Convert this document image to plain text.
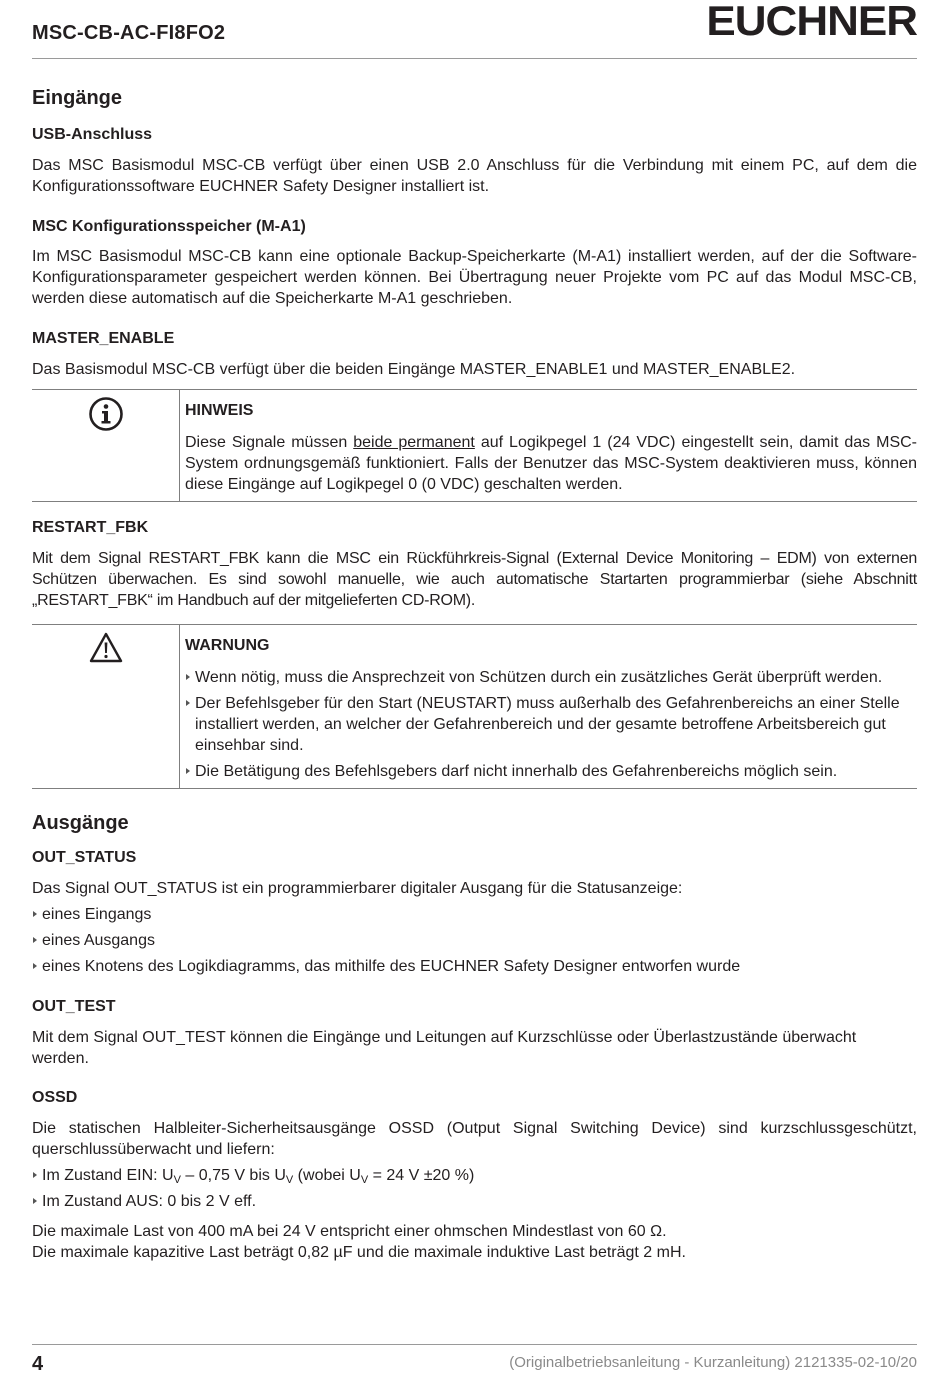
MSC-CB-AC-FI8FO2	EUCHNER
Eingänge
USB-Anschluss

Das MSC Basismodul MSC-CB verfügt über einen USB 2.0 Anschluss für die Verbindung mit einem PC, auf dem die Konfigurationssoftware EUCHNER Safety Designer installiert ist.

MSC Konfigurationsspeicher (M-A1)

Im MSC Basismodul MSC-CB kann eine optionale Backup-Speicherkarte (M-A1) installiert werden, auf der die Software-Konfigurationsparameter gespeichert werden können. Bei Übertragung neuer Projekte vom PC auf das Modul MSC-CB, werden diese automatisch auf die Speicherkarte M-A1 geschrieben.

MASTER_ENABLE

Das Basismodul MSC-CB verfügt über die beiden Eingänge MASTER_ENABLE1 und MASTER_ENABLE2.

HINWEIS

Diese Signale müssen beide permanent auf Logikpegel 1 (24 VDC) eingestellt sein, damit das MSC-System ordnungsgemäß funktioniert. Falls der Benutzer das MSC-System deaktivieren muss, können diese Eingänge auf Logikpegel 0 (0 VDC) geschalten werden.

RESTART_FBK

Mit dem Signal RESTART_FBK kann die MSC ein Rückführkreis-Signal (External Device Monitoring – EDM) von externen Schützen überwachen. Es sind sowohl manuelle, wie auch automatische Startarten programmierbar (siehe Abschnitt „RESTART_FBK“ im Handbuch auf der mitgelieferten CD-ROM).

WARNUNG
Wenn nötig, muss die Ansprechzeit von Schützen durch ein zusätzliches Gerät überprüft werden.
Der Befehlsgeber für den Start (NEUSTART) muss außerhalb des Gefahrenbereichs an einer Stelle installiert werden, an welcher der Gefahrenbereich und der gesamte betroffene Arbeitsbereich gut einsehbar sind.
Die Betätigung des Befehlsgebers darf nicht innerhalb des Gefahrenbereichs möglich sein.
Ausgänge
OUT_STATUS

Das Signal OUT_STATUS ist ein programmierbarer digitaler Ausgang für die Statusanzeige:

eines Eingangs
eines Ausgangs
eines Knotens des Logikdiagramms, das mithilfe des EUCHNER Safety Designer entworfen wurde
OUT_TEST

Mit dem Signal OUT_TEST können die Eingänge und Leitungen auf Kurzschlüsse oder Überlastzustände überwacht werden.

OSSD

Die statischen Halbleiter-Sicherheitsausgänge OSSD (Output Signal Switching Device) sind kurzschlussgeschützt, querschlussüberwacht und liefern:

Im Zustand EIN: $U_V - 0,75$ V bis $U_V$ (wobei $U_V = 24$ V ±20 %)
Im Zustand AUS: 0 bis 2 V eff.

Die maximale Last von 400 mA bei 24 V entspricht einer ohmschen Mindestlast von 60 Ω.

Die maximale kapazitive Last beträgt 0,82 µF und die maximale induktive Last beträgt 2 mH.

4	(Originalbetriebsanleitung - Kurzanleitung) 2121335-02-10/20
